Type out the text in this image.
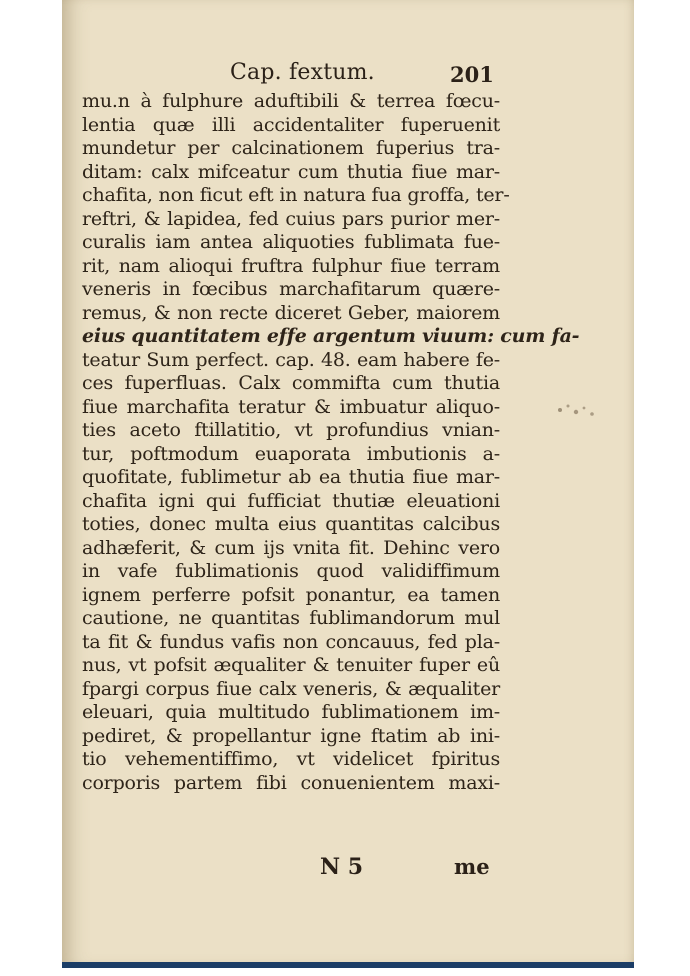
Cap. fextum.	201
mu.n à fulphure aduftibili & terrea fœcu-
lentia quæ illi accidentaliter fuperuenit
mundetur per calcinationem fuperius tra-
ditam: calx mifceatur cum thutia fiue mar-
chafita, non ficut eft in natura fua groffa, ter-
reftri, & lapidea, fed cuius pars purior mer-
curalis iam antea aliquoties fublimata fue-
rit, nam alioqui fruftra fulphur fiue terram
veneris in fœcibus marchafitarum quære-
remus, & non recte diceret Geber, maiorem
eius quantitatem effe argentum viuum: cum fa-
teatur Sum perfect. cap. 48. eam habere fe-
ces fuperfluas. Calx commifta cum thutia
fiue marchafita teratur & imbuatur aliquo-
ties aceto ftillatitio, vt profundius vnian-
tur, poftmodum euaporata imbutionis a-
quofitate, fublimetur ab ea thutia fiue mar-
chafita igni qui fufficiat thutiæ eleuationi
toties, donec multa eius quantitas calcibus
adhæferit, & cum ijs vnita fit. Dehinc vero
in vafe fublimationis quod validiffimum
ignem perferre pofsit ponantur, ea tamen
cautione, ne quantitas fublimandorum mul
ta fit & fundus vafis non concauus, fed pla-
nus, vt pofsit æqualiter & tenuiter fuper eû
fpargi corpus fiue calx veneris, & æqualiter
eleuari, quia multitudo fublimationem im-
pediret, & propellantur igne ftatim ab ini-
tio vehementiffimo, vt videlicet fpiritus
corporis partem fibi conuenientem maxi-
N 5	me
